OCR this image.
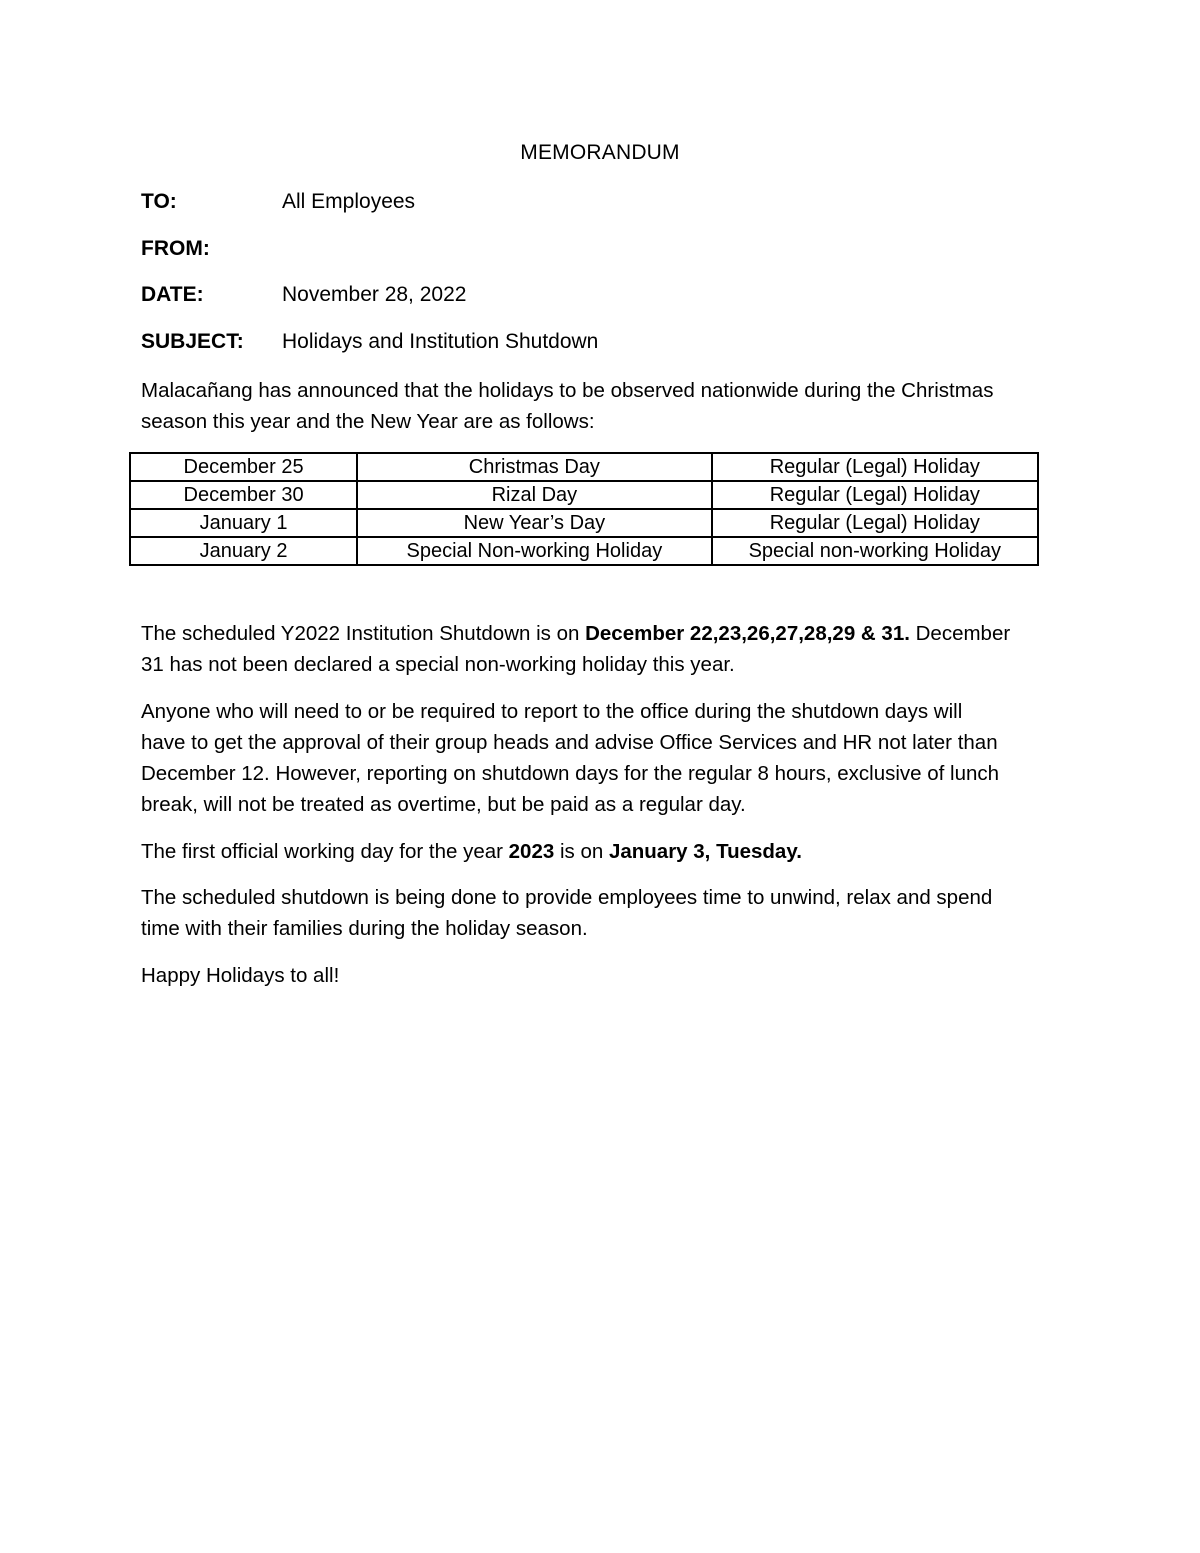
MEMORANDUM
TO:	All Employees
FROM:
DATE:	November 28, 2022
SUBJECT: Holidays and Institution Shutdown
Malacañang has announced that the holidays to be observed nationwide during the Christmas
season this year and the New Year are as follows:
December 25	Christmas Day	Regular (Legal) Holiday
December 30	Rizal Day	Regular (Legal) Holiday
January 1	New Year’s Day	Regular (Legal) Holiday
January 2	Special Non-working Holiday	Special non-working Holiday
The scheduled Y2022 Institution Shutdown is on December 22,23,26,27,28,29 & 31. December
31 has not been declared a special non-working holiday this year.
Anyone who will need to or be required to report to the office during the shutdown days will
have to get the approval of their group heads and advise Office Services and HR not later than
December 12. However, reporting on shutdown days for the regular 8 hours, exclusive of lunch
break, will not be treated as overtime, but be paid as a regular day.
The first official working day for the year 2023 is on January 3, Tuesday.
The scheduled shutdown is being done to provide employees time to unwind, relax and spend
time with their families during the holiday season.
Happy Holidays to all!
